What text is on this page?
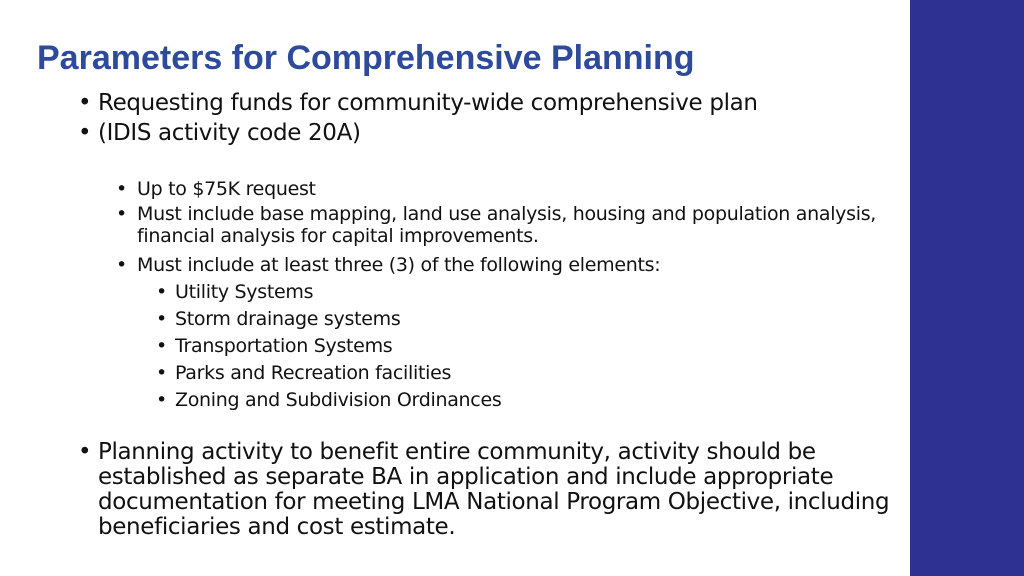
Parameters for Comprehensive Planning
• Requesting funds for community-wide comprehensive plan
• (IDIS activity code 20A)
• Up to $75K request
• Must include base mapping, land use analysis, housing and population analysis, financial analysis for capital improvements.
• Must include at least three (3) of the following elements:
• Utility Systems
• Storm drainage systems
• Transportation Systems
• Parks and Recreation facilities
• Zoning and Subdivision Ordinances
• Planning activity to benefit entire community, activity should be established as separate BA in application and include appropriate documentation for meeting LMA National Program Objective, including beneficiaries and cost estimate.
